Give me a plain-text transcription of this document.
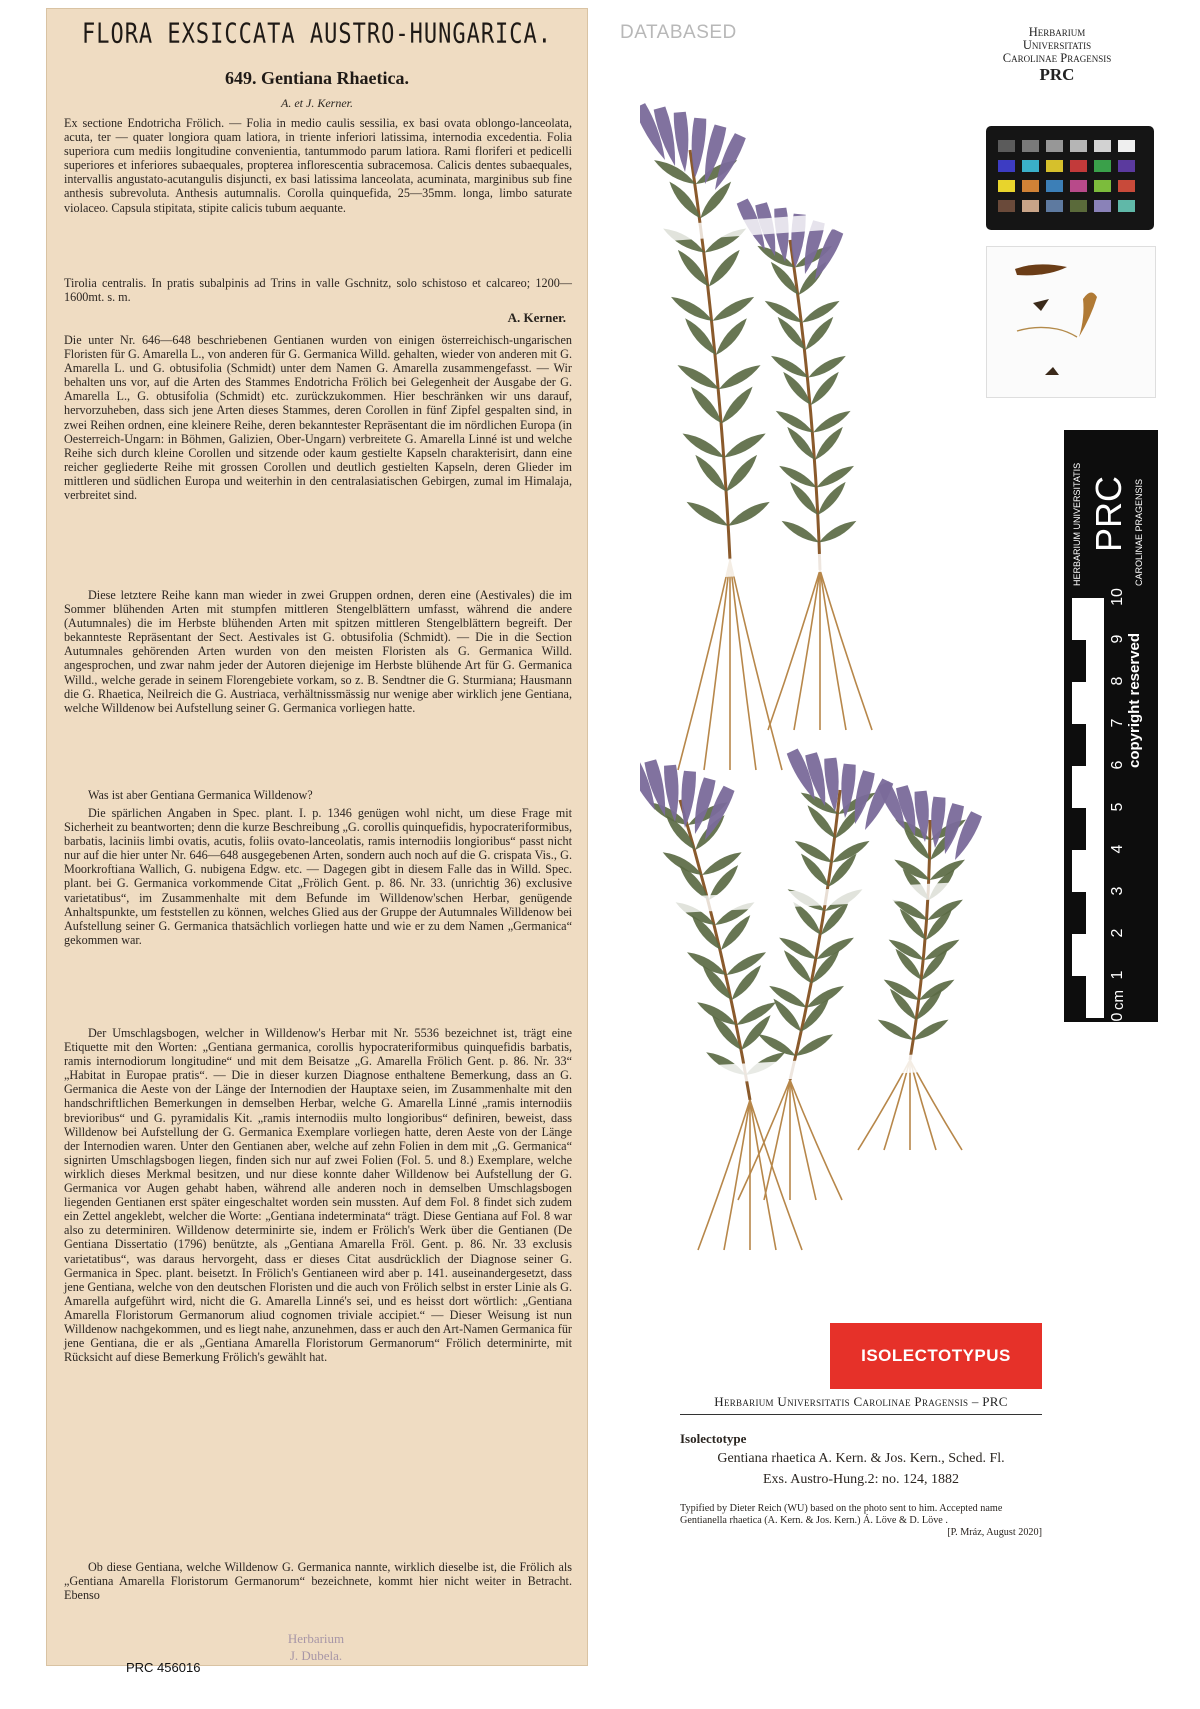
FLORA EXSICCATA AUSTRO-HUNGARICA.
649. Gentiana Rhaetica.
A. et J. Kerner.
Ex sectione Endotricha Frölich. — Folia in medio caulis sessilia, ex basi ovata oblongo-lanceolata, acuta, ter — quater longiora quam latiora, in triente inferiori latissima, internodia excedentia. Folia superiora cum mediis longitudine convenientia, tantummodo parum latiora. Rami floriferi et pedicelli superiores et inferiores subaequales, propterea inflorescentia subracemosa. Calicis dentes subaequales, intervallis angustato-acutangulis disjuncti, ex basi latissima lanceolata, acuminata, marginibus sub fine anthesis subrevoluta. Anthesis autumnalis. Corolla quinquefida, 25—35mm. longa, limbo saturate violaceo. Capsula stipitata, stipite calicis tubum aequante.
Tirolia centralis. In pratis subalpinis ad Trins in valle Gschnitz, solo schistoso et calcareo; 1200—1600mt. s. m.
A. Kerner.
Die unter Nr. 646—648 beschriebenen Gentianen wurden von einigen österreichisch-ungarischen Floristen für G. Amarella L., von anderen für G. Germanica Willd. gehalten, wieder von anderen mit G. Amarella L. und G. obtusifolia (Schmidt) unter dem Namen G. Amarella zusammengefasst. — Wir behalten uns vor, auf die Arten des Stammes Endotricha Frölich bei Gelegenheit der Ausgabe der G. Amarella L., G. obtusifolia (Schmidt) etc. zurückzukommen. Hier beschränken wir uns darauf, hervorzuheben, dass sich jene Arten dieses Stammes, deren Corollen in fünf Zipfel gespalten sind, in zwei Reihen ordnen, eine kleinere Reihe, deren bekanntester Repräsentant die im nördlichen Europa (in Oesterreich-Ungarn: in Böhmen, Galizien, Ober-Ungarn) verbreitete G. Amarella Linné ist und welche Reihe sich durch kleine Corollen und sitzende oder kaum gestielte Kapseln charakterisirt, dann eine reicher gegliederte Reihe mit grossen Corollen und deutlich gestielten Kapseln, deren Glieder im mittleren und südlichen Europa und weiterhin in den centralasiatischen Gebirgen, zumal im Himalaja, verbreitet sind.
Diese letztere Reihe kann man wieder in zwei Gruppen ordnen, deren eine (Aestivales) die im Sommer blühenden Arten mit stumpfen mittleren Stengelblättern umfasst, während die andere (Autumnales) die im Herbste blühenden Arten mit spitzen mittleren Stengelblättern begreift. Der bekannteste Repräsentant der Sect. Aestivales ist G. obtusifolia (Schmidt). — Die in die Section Autumnales gehörenden Arten wurden von den meisten Floristen als G. Germanica Willd. angesprochen, und zwar nahm jeder der Autoren diejenige im Herbste blühende Art für G. Germanica Willd., welche gerade in seinem Florengebiete vorkam, so z. B. Sendtner die G. Sturmiana; Hausmann die G. Rhaetica, Neilreich die G. Austriaca, verhältnissmässig nur wenige aber wirklich jene Gentiana, welche Willdenow bei Aufstellung seiner G. Germanica vorliegen hatte.
Was ist aber Gentiana Germanica Willdenow?
Die spärlichen Angaben in Spec. plant. I. p. 1346 genügen wohl nicht, um diese Frage mit Sicherheit zu beantworten; denn die kurze Beschreibung „G. corollis quinquefidis, hypocrateriformibus, barbatis, laciniis limbi ovatis, acutis, foliis ovato-lanceolatis, ramis internodiis longioribus“ passt nicht nur auf die hier unter Nr. 646—648 ausgegebenen Arten, sondern auch noch auf die G. crispata Vis., G. Moorkroftiana Wallich, G. nubigena Edgw. etc. — Dagegen gibt in diesem Falle das in Willd. Spec. plant. bei G. Germanica vorkommende Citat „Frölich Gent. p. 86. Nr. 33. (unrichtig 36) exclusive varietatibus“, im Zusammenhalte mit dem Befunde im Willdenow'schen Herbar, genügende Anhaltspunkte, um feststellen zu können, welches Glied aus der Gruppe der Autumnales Willdenow bei Aufstellung seiner G. Germanica thatsächlich vorliegen hatte und wie er zu dem Namen „Germanica“ gekommen war.
Der Umschlagsbogen, welcher in Willdenow's Herbar mit Nr. 5536 bezeichnet ist, trägt eine Etiquette mit den Worten: „Gentiana germanica, corollis hypocrateriformibus quinquefidis barbatis, ramis internodiorum longitudine“ und mit dem Beisatze „G. Amarella Frölich Gent. p. 86. Nr. 33“ „Habitat in Europae pratis“. — Die in dieser kurzen Diagnose enthaltene Bemerkung, dass an G. Germanica die Aeste von der Länge der Internodien der Hauptaxe seien, im Zusammenhalte mit den handschriftlichen Bemerkungen in demselben Herbar, welche G. Amarella Linné „ramis internodiis brevioribus“ und G. pyramidalis Kit. „ramis internodiis multo longioribus“ definiren, beweist, dass Willdenow bei Aufstellung der G. Germanica Exemplare vorliegen hatte, deren Aeste von der Länge der Internodien waren. Unter den Gentianen aber, welche auf zehn Folien in dem mit „G. Germanica“ signirten Umschlagsbogen liegen, finden sich nur auf zwei Folien (Fol. 5. und 8.) Exemplare, welche wirklich dieses Merkmal besitzen, und nur diese konnte daher Willdenow bei Aufstellung der G. Germanica vor Augen gehabt haben, während alle anderen noch in demselben Umschlagsbogen liegenden Gentianen erst später eingeschaltet worden sein mussten. Auf dem Fol. 8 findet sich zudem ein Zettel angeklebt, welcher die Worte: „Gentiana indeterminata“ trägt. Diese Gentiana auf Fol. 8 war also zu determiniren. Willdenow determinirte sie, indem er Frölich's Werk über die Gentianen (De Gentiana Dissertatio (1796) benützte, als „Gentiana Amarella Fröl. Gent. p. 86. Nr. 33 exclusis varietatibus“, was daraus hervorgeht, dass er dieses Citat ausdrücklich der Diagnose seiner G. Germanica in Spec. plant. beisetzt. In Frölich's Gentianeen wird aber p. 141. auseinandergesetzt, dass jene Gentiana, welche von den deutschen Floristen und die auch von Frölich selbst in erster Linie als G. Amarella aufgeführt wird, nicht die G. Amarella Linné's sei, und es heisst dort wörtlich: „Gentiana Amarella Floristorum Germanorum aliud cognomen triviale accipiet.“ — Dieser Weisung ist nun Willdenow nachgekommen, und es liegt nahe, anzunehmen, dass er auch den Art-Namen Germanica für jene Gentiana, die er als „Gentiana Amarella Floristorum Germanorum“ Frölich determinirte, mit Rücksicht auf diese Bemerkung Frölich's gewählt hat.
Ob diese Gentiana, welche Willdenow G. Germanica nannte, wirklich dieselbe ist, die Frölich als „Gentiana Amarella Floristorum Germanorum“ bezeichnete, kommt hier nicht weiter in Betracht. Ebenso
Herbarium
J. Dubela.
PRC 456016
DATABASED	Herbarium
Universitatis
Carolinae Pragensis
PRC
HERBARIUM UNIVERSITATIS PRC CAROLINAE PRAGENSIS
copyright reserved
cm
0
1
2
3
4
5
6
7
8
9
10
ISOLECTOTYPUS
Herbarium Universitatis Carolinae Pragensis – PRC
Isolectotype
Gentiana rhaetica A. Kern. & Jos. Kern., Sched. Fl.
Exs. Austro-Hung.2: no. 124, 1882
Typified by Dieter Reich (WU) based on the photo sent to him. Accepted name Gentianella rhaetica (A. Kern. & Jos. Kern.) Á. Löve & D. Löve .
[P. Mráz, August 2020]
